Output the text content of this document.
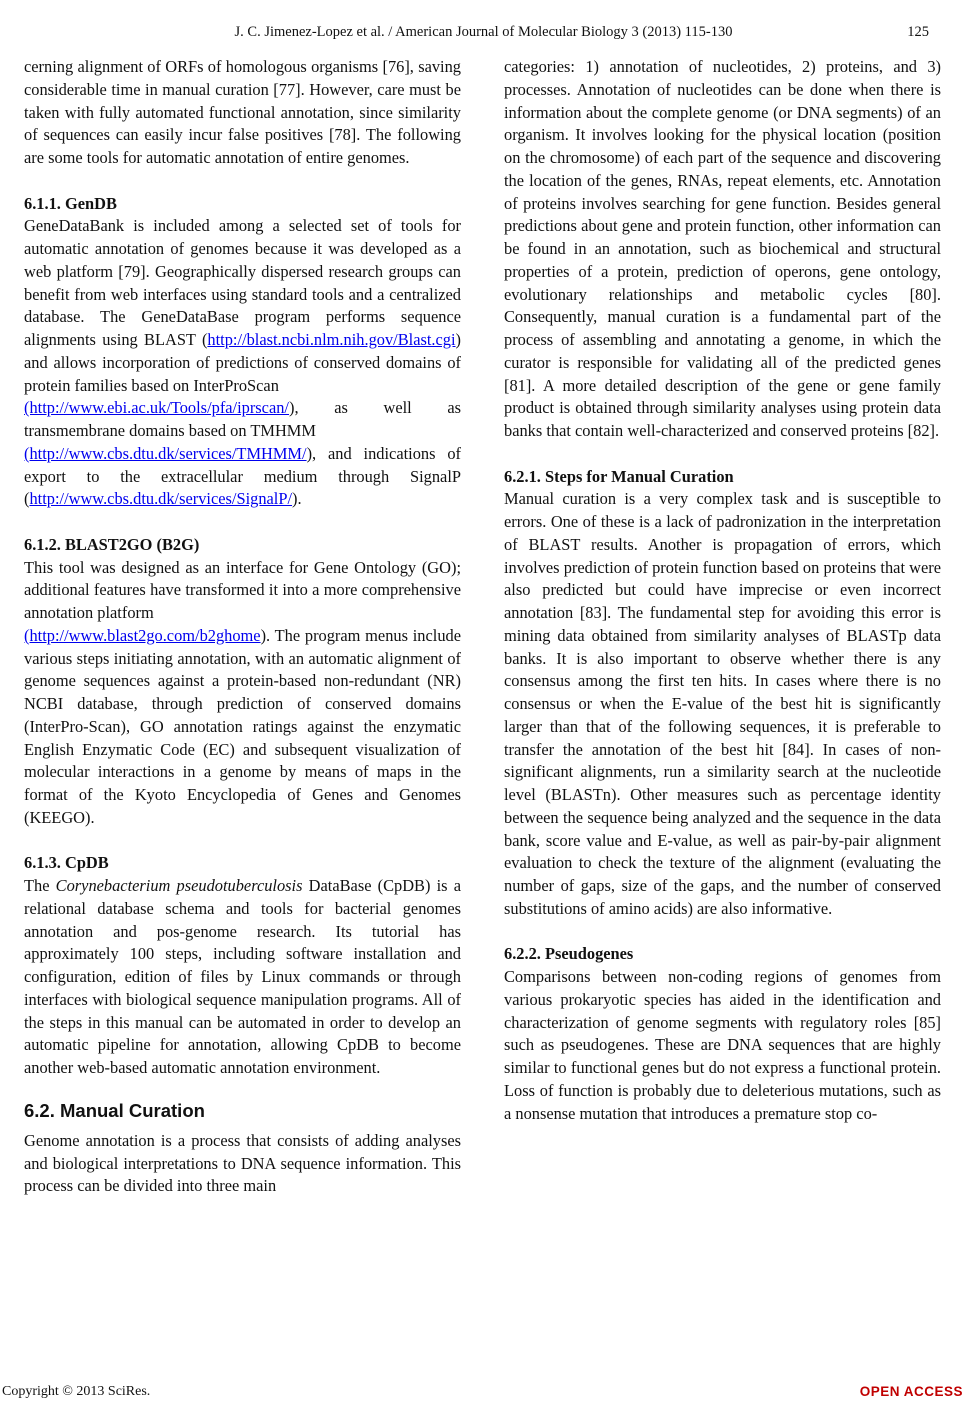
J. C. Jimenez-Lopez et al. / American Journal of Molecular Biology 3 (2013) 115-130	125

cerning alignment of ORFs of homologous organisms [76], saving considerable time in manual curation [77]. However, care must be taken with fully automated functional annotation, since similarity of sequences can easily incur false positives [78]. The following are some tools for automatic annotation of entire genomes.

6.1.1. GenDB

GeneDataBank is included among a selected set of tools for automatic annotation of genomes because it was developed as a web platform [79]. Geographically dispersed research groups can benefit from web interfaces using standard tools and a centralized database. The GeneDataBase program performs sequence alignments using BLAST (http://blast.ncbi.nlm.nih.gov/Blast.cgi) and allows incorporation of predictions of conserved domains of protein families based on InterProScan
(http://www.ebi.ac.uk/Tools/pfa/iprscan/), as well as transmembrane domains based on TMHMM
(http://www.cbs.dtu.dk/services/TMHMM/), and indications of export to the extracellular medium through SignalP (http://www.cbs.dtu.dk/services/SignalP/).

6.1.2. BLAST2GO (B2G)

This tool was designed as an interface for Gene Ontology (GO); additional features have transformed it into a more comprehensive annotation platform
(http://www.blast2go.com/b2ghome). The program menus include various steps initiating annotation, with an automatic alignment of genome sequences against a protein-based non-redundant (NR) NCBI database, through prediction of conserved domains (InterPro-Scan), GO annotation ratings against the enzymatic English Enzymatic Code (EC) and subsequent visualization of molecular interactions in a genome by means of maps in the format of the Kyoto Encyclopedia of Genes and Genomes (KEEGO).

6.1.3. CpDB

The Corynebacterium pseudotuberculosis DataBase (CpDB) is a relational database schema and tools for bacterial genomes annotation and pos-genome research. Its tutorial has approximately 100 steps, including software installation and configuration, edition of files by Linux commands or through interfaces with biological sequence manipulation programs. All of the steps in this manual can be automated in order to develop an automatic pipeline for annotation, allowing CpDB to become another web-based automatic annotation environment.

6.2. Manual Curation

Genome annotation is a process that consists of adding analyses and biological interpretations to DNA sequence information. This process can be divided into three main

categories: 1) annotation of nucleotides, 2) proteins, and 3) processes. Annotation of nucleotides can be done when there is information about the complete genome (or DNA segments) of an organism. It involves looking for the physical location (position on the chromosome) of each part of the sequence and discovering the location of the genes, RNAs, repeat elements, etc. Annotation of proteins involves searching for gene function. Besides general predictions about gene and protein function, other information can be found in an annotation, such as biochemical and structural properties of a protein, prediction of operons, gene ontology, evolutionary relationships and metabolic cycles [80]. Consequently, manual curation is a fundamental part of the process of assembling and annotating a genome, in which the curator is responsible for validating all of the predicted genes [81]. A more detailed description of the gene or gene family product is obtained through similarity analyses using protein data banks that contain well-characterized and conserved proteins [82].

6.2.1. Steps for Manual Curation

Manual curation is a very complex task and is susceptible to errors. One of these is a lack of padronization in the interpretation of BLAST results. Another is propagation of errors, which involves prediction of protein function based on proteins that were also predicted but could have imprecise or even incorrect annotation [83]. The fundamental step for avoiding this error is mining data obtained from similarity analyses of BLASTp data banks. It is also important to observe whether there is any consensus among the first ten hits. In cases where there is no consensus or when the E-value of the best hit is significantly larger than that of the following sequences, it is preferable to transfer the annotation of the best hit [84]. In cases of non-significant alignments, run a similarity search at the nucleotide level (BLASTn). Other measures such as percentage identity between the sequence being analyzed and the sequence in the data bank, score value and E-value, as well as pair-by-pair alignment evaluation to check the texture of the alignment (evaluating the number of gaps, size of the gaps, and the number of conserved substitutions of amino acids) are also informative.

6.2.2. Pseudogenes

Comparisons between non-coding regions of genomes from various prokaryotic species has aided in the identification and characterization of genome segments with regulatory roles [85] such as pseudogenes. These are DNA sequences that are highly similar to functional genes but do not express a functional protein. Loss of function is probably due to deleterious mutations, such as a nonsense mutation that introduces a premature stop co-

Copyright © 2013 SciRes.	OPEN ACCESS
